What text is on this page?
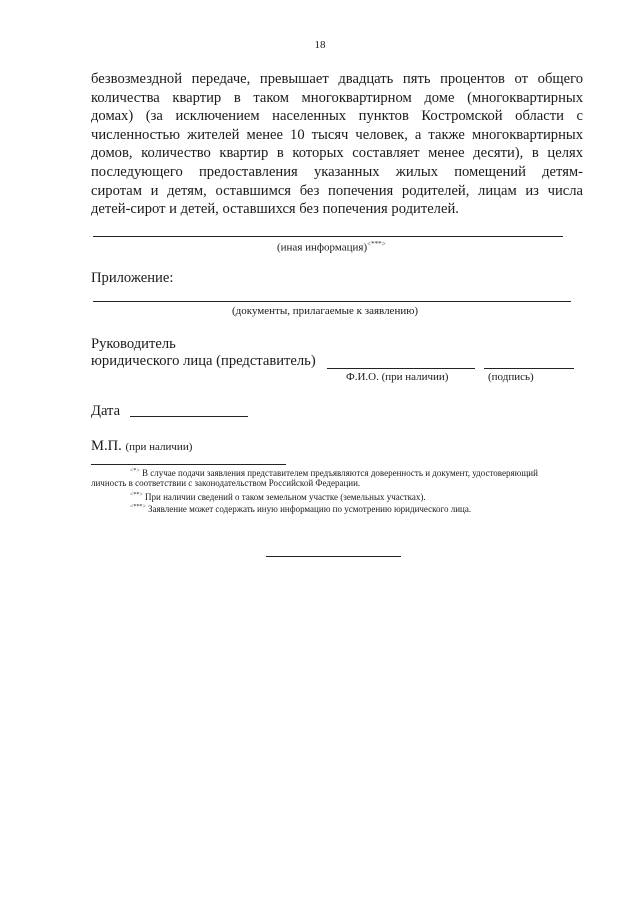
18
безвозмездной передаче, превышает двадцать пять процентов от общего
количества квартир в таком многоквартирном доме (многоквартирных
домах) (за исключением населенных пунктов Костромской области с
численностью жителей менее 10 тысяч человек, а также многоквартирных
домов, количество квартир в которых составляет менее десяти), в целях
последующего предоставления указанных жилых помещений детям-
сиротам и детям, оставшимся без попечения родителей, лицам из числа
детей-сирот и детей, оставшихся без попечения родителей.
(иная информация)<***>
Приложение:
(документы, прилагаемые к заявлению)
Руководитель
юридического лица (представитель)
Ф.И.О. (при наличии)	(подпись)
Дата
М.П. (при наличии)
<*> В случае подачи заявления представителем предъявляются доверенность и документ, удостоверяющий
личность в соответствии с законодательством Российской Федерации.
<**> При наличии сведений о таком земельном участке (земельных участках).
<***> Заявление может содержать иную информацию по усмотрению юридического лица.
